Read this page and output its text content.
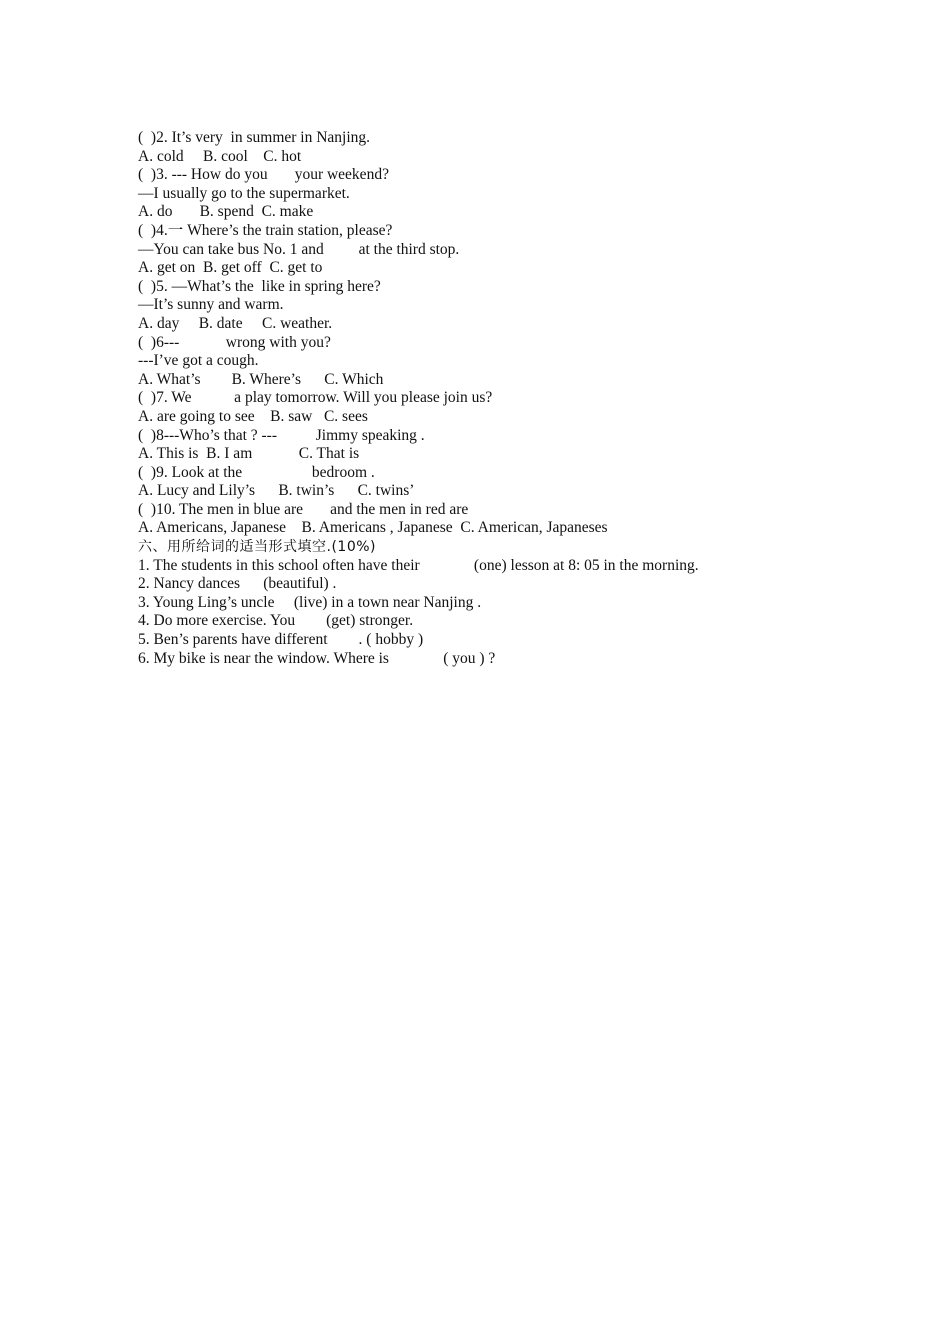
(  )2. It’s very  in summer in Nanjing.
A. cold     B. cool    C. hot
(  )3. --- How do you       your weekend?
—I usually go to the supermarket.
A. do       B. spend  C. make
(  )4.一 Where’s the train station, please?
—You can take bus No. 1 and         at the third stop.
A. get on  B. get off  C. get to
(  )5. —What’s the  like in spring here?
—It’s sunny and warm.
A. day     B. date     C. weather.
(  )6---            wrong with you?
---I’ve got a cough.
A. What’s        B. Where’s      C. Which
(  )7. We           a play tomorrow. Will you please join us?
A. are going to see    B. saw   C. sees
(  )8---Who’s that ? ---          Jimmy speaking .
A. This is  B. I am            C. That is
(  )9. Look at the                  bedroom .
A. Lucy and Lily’s      B. twin’s      C. twins’
(  )10. The men in blue are       and the men in red are
A. Americans, Japanese    B. Americans , Japanese  C. American, Japaneses
六、用所给词的适当形式填空.(10%)
1. The students in this school often have their              (one) lesson at 8: 05 in the morning.
2. Nancy dances      (beautiful) .
3. Young Ling’s uncle     (live) in a town near Nanjing .
4. Do more exercise. You        (get) stronger.
5. Ben’s parents have different        . ( hobby )
6. My bike is near the window. Where is              ( you ) ?
